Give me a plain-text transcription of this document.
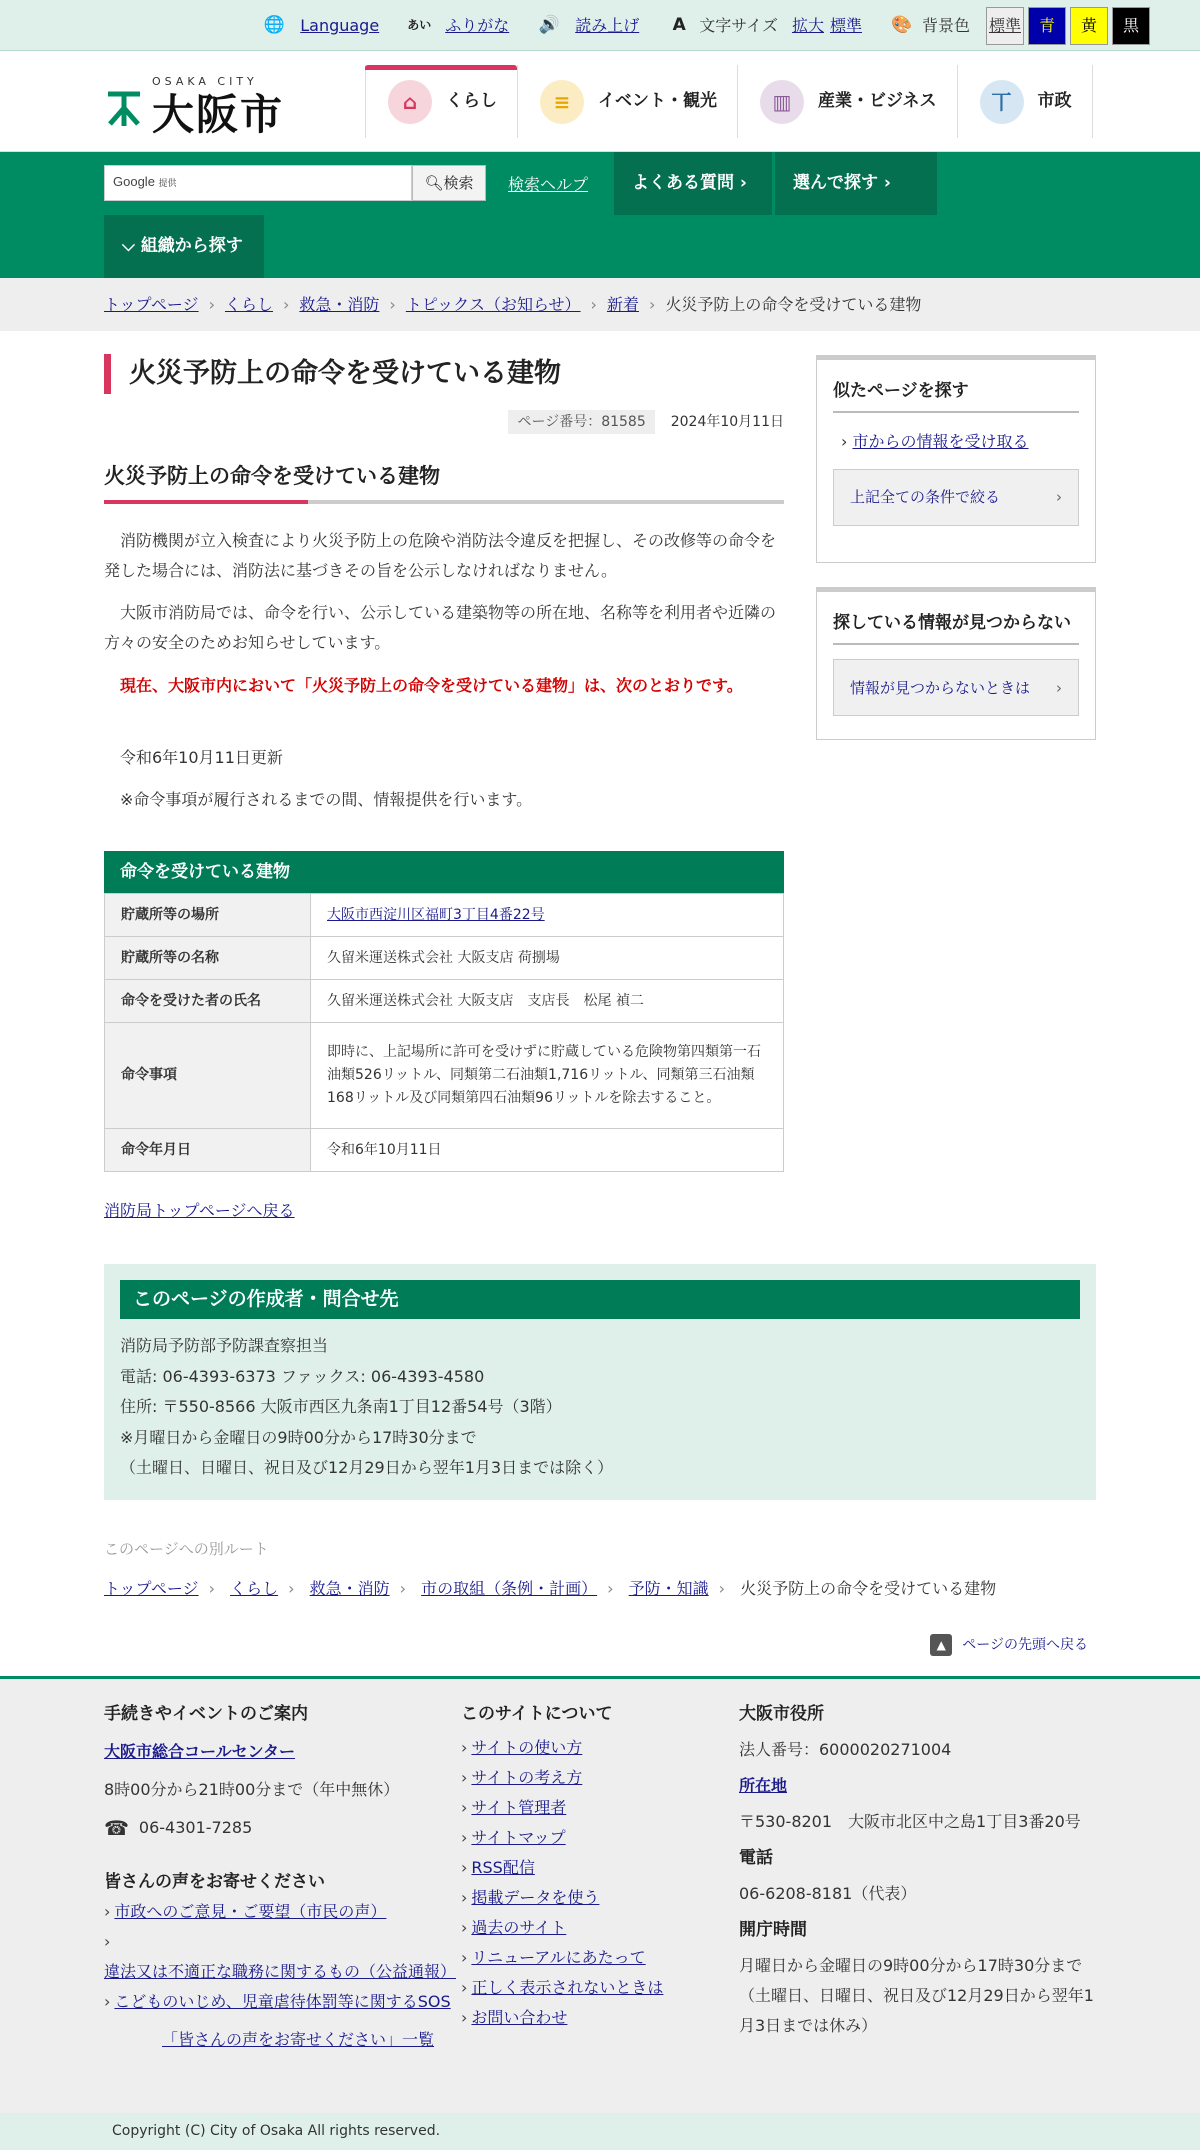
🌐 Language あい ふりがな 🔊 読み上げ	A 文字サイズ 拡大 標準 🎨 背景色 標準	青	黄	黒
OSAKA CITY
大阪市	⌂	くらし	≡	イベント・観光	▥	産業・ビジネス	丅	市政
Google 提供	🔍︎検索	検索ヘルプ	よくある質問 ›	選んで探す ›
⌵ 組織から探す
トップページ › くらし › 救急・消防 › トピックス（お知らせ） › 新着 › 火災予防上の命令を受けている建物
火災予防上の命令を受けている建物
ページ番号：81585	2024年10月11日
火災予防上の命令を受けている建物

消防機関が立入検査により火災予防上の危険や消防法令違反を把握し、その改修等の命令を発した場合には、消防法に基づきその旨を公示しなければなりません。

大阪市消防局では、命令を行い、公示している建築物等の所在地、名称等を利用者や近隣の方々の安全のためお知らせしています。

現在、大阪市内において「火災予防上の命令を受けている建物」は、次のとおりです。

令和6年10月11日更新

※命令事項が履行されるまでの間、情報提供を行います。

命令を受けている建物
貯蔵所等の場所	大阪市西淀川区福町3丁目4番22号
貯蔵所等の名称	久留米運送株式会社 大阪支店 荷捌場
命令を受けた者の氏名	久留米運送株式会社 大阪支店　支店長　松尾 禎二
命令事項	即時に、上記場所に許可を受けずに貯蔵している危険物第四類第一石油類526リットル、同類第二石油類1,716リットル、同類第三石油類168リットル及び同類第四石油類96リットルを除去すること。
命令年月日	令和6年10月11日
消防局トップページへ戻る
似たページを探す
› 市からの情報を受け取る
上記全ての条件で絞る	›
探している情報が見つからない
情報が見つからないときは ›
このページの作成者・問合せ先
消防局予防部予防課査察担当
電話: 06-4393-6373 ファックス: 06-4393-4580
住所: 〒550-8566 大阪市西区九条南1丁目12番54号（3階）
※月曜日から金曜日の9時00分から17時30分まで
（土曜日、日曜日、祝日及び12月29日から翌年1月3日までは除く）
このページへの別ルート
トップページ › くらし › 救急・消防 › 市の取組（条例・計画） › 予防・知識 › 火災予防上の命令を受けている建物
▲	ページの先頭へ戻る
手続きやイベントのご案内
大阪市総合コールセンター
8時00分から21時00分まで（年中無休）
☎ 06-4301-7285
皆さんの声をお寄せください
› 市政へのご意見・ご要望（市民の声）
› 違法又は不適正な職務に関するもの（公益通報）
› こどものいじめ、児童虐待体罰等に関するSOS
「皆さんの声をお寄せください」一覧
このサイトについて
› サイトの使い方
› サイトの考え方
› サイト管理者
› サイトマップ
› RSS配信
› 掲載データを使う
› 過去のサイト
› リニューアルにあたって
› 正しく表示されないときは
› お問い合わせ
大阪市役所
法人番号：6000020271004
所在地
〒530-8201　大阪市北区中之島1丁目3番20号
電話
06-6208-8181（代表）
開庁時間
月曜日から金曜日の9時00分から17時30分まで
（土曜日、日曜日、祝日及び12月29日から翌年1月3日までは休み）
Copyright (C) City of Osaka All rights reserved.
